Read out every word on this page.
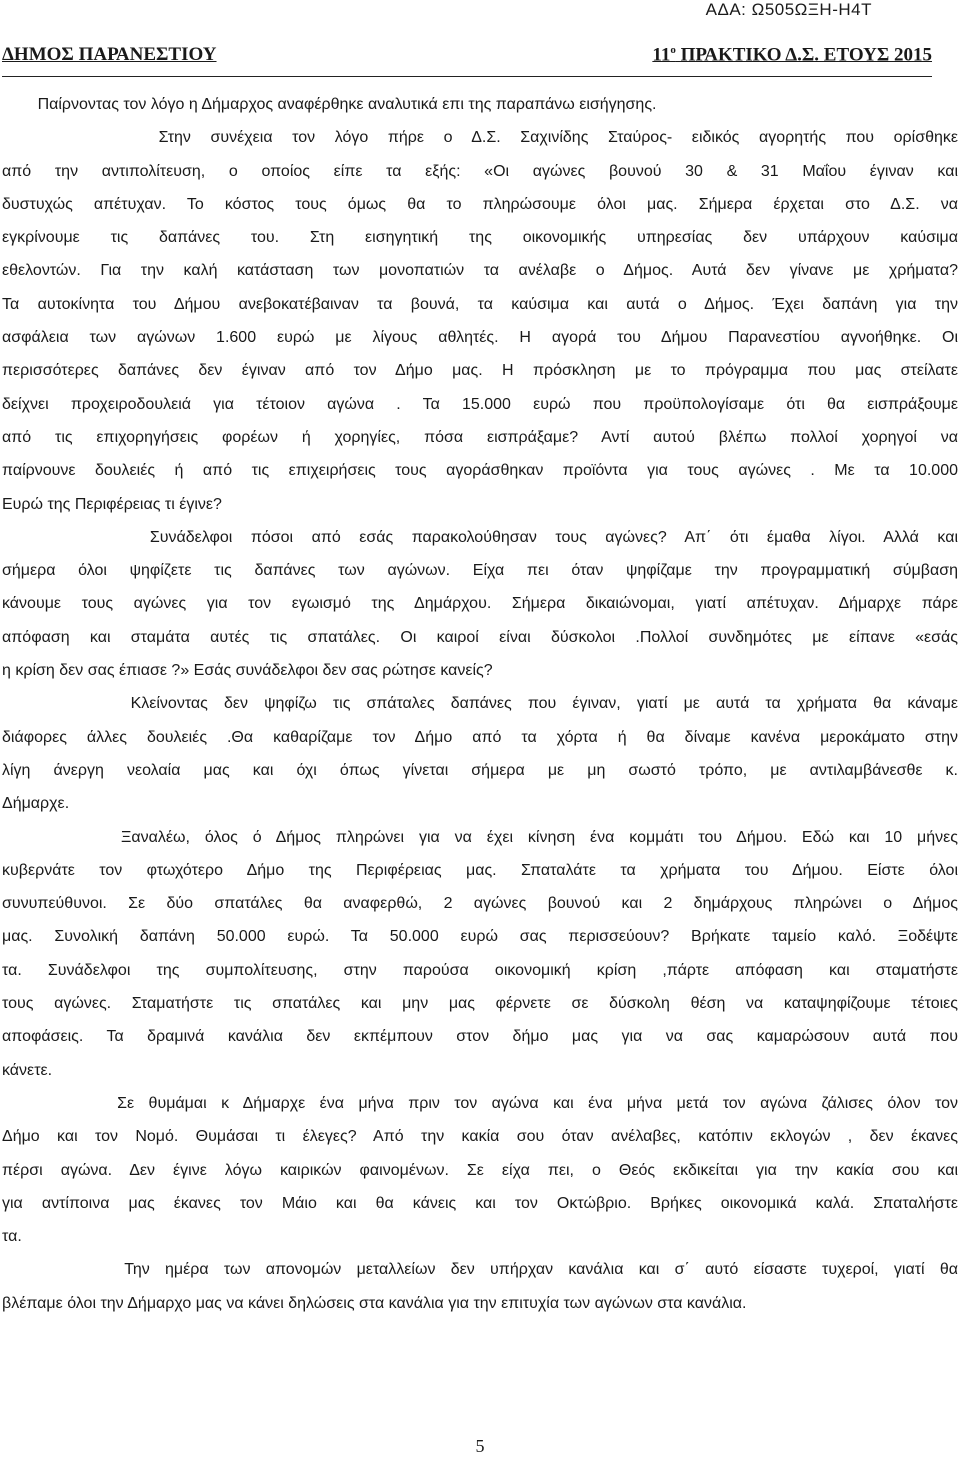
ΑΔΑ: Ω505ΩΞΗ-Η4Τ
ΔΗΜΟΣ ΠΑΡΑΝΕΣΤΙΟΥ	$11^o$ ΠΡΑΚΤΙΚΟ Δ.Σ. ΕΤΟΥΣ 2015
Παίρνοντας τον λόγο η Δήμαρχος αναφέρθηκε αναλυτικά επι της παραπάνω εισήγησης.
Στην συνέχεια τον λόγο πήρε ο Δ.Σ. Σαχινίδης Σταύρος- ειδικός αγορητής που ορίσθηκε
από την αντιπολίτευση, ο οποίος είπε τα εξής: «Οι αγώνες βουνού 30 & 31 Μαΐου έγιναν και
δυστυχώς απέτυχαν. Το κόστος τους όμως θα το πληρώσουμε όλοι μας. Σήμερα έρχεται στο Δ.Σ. να
εγκρίνουμε τις δαπάνες του. Στη εισηγητική της οικονομικής υπηρεσίας δεν υπάρχουν καύσιμα
εθελοντών. Για την καλή κατάσταση των μονοπατιών τα ανέλαβε ο Δήμος. Αυτά δεν γίνανε με χρήματα?
Τα αυτοκίνητα του Δήμου ανεβοκατέβαιναν τα βουνά, τα καύσιμα και αυτά ο Δήμος. Έχει δαπάνη για την
ασφάλεια των αγώνων 1.600 ευρώ με λίγους αθλητές. Η αγορά του Δήμου Παρανεστίου αγνοήθηκε. Οι
περισσότερες δαπάνες δεν έγιναν από τον Δήμο μας. Η πρόσκληση με το πρόγραμμα που μας στείλατε
δείχνει προχειροδουλειά για τέτοιον αγώνα . Τα 15.000 ευρώ που προϋπολογίσαμε ότι θα εισπράξουμε
από τις επιχορηγήσεις φορέων ή χορηγίες, πόσα εισπράξαμε? Αντί αυτού βλέπω πολλοί χορηγοί να
παίρνουνε δουλειές ή από τις επιχειρήσεις τους αγοράσθηκαν προϊόντα για τους αγώνες . Με τα 10.000
Ευρώ της Περιφέρειας τι έγινε?
Συνάδελφοι πόσοι από εσάς παρακολούθησαν τους αγώνες? Απ΄ ότι έμαθα λίγοι. Αλλά και
σήμερα όλοι ψηφίζετε τις δαπάνες των αγώνων. Είχα πει όταν ψηφίζαμε την προγραμματική σύμβαση
κάνουμε τους αγώνες για τον εγωισμό της Δημάρχου. Σήμερα δικαιώνομαι, γιατί απέτυχαν. Δήμαρχε πάρε
απόφαση και σταμάτα αυτές τις σπατάλες. Οι καιροί είναι δύσκολοι .Πολλοί συνδημότες με είπανε «εσάς
η κρίση δεν σας έπιασε ?» Εσάς συνάδελφοι δεν σας ρώτησε κανείς?
Κλείνοντας δεν ψηφίζω τις σπάταλες δαπάνες που έγιναν, γιατί με αυτά τα χρήματα θα κάναμε
διάφορες άλλες δουλειές .Θα καθαρίζαμε τον Δήμο από τα χόρτα ή θα δίναμε κανένα μεροκάματο στην
λίγη άνεργη νεολαία μας και όχι όπως γίνεται σήμερα με μη σωστό τρόπο, με αντιλαμβάνεσθε κ.
Δήμαρχε.
Ξαναλέω, όλος ό Δήμος πληρώνει για να έχει κίνηση ένα κομμάτι του Δήμου. Εδώ και 10 μήνες
κυβερνάτε τον φτωχότερο Δήμο της Περιφέρειας μας. Σπαταλάτε τα χρήματα του Δήμου. Είστε όλοι
συνυπεύθυνοι. Σε δύο σπατάλες θα αναφερθώ, 2 αγώνες βουνού και 2 δημάρχους πληρώνει ο Δήμος
μας. Συνολική δαπάνη 50.000 ευρώ. Τα 50.000 ευρώ σας περισσεύουν? Βρήκατε ταμείο καλό. Ξοδέψτε
τα. Συνάδελφοι της συμπολίτευσης, στην παρούσα οικονομική κρίση ,πάρτε απόφαση και σταματήστε
τους αγώνες. Σταματήστε τις σπατάλες και μην μας φέρνετε σε δύσκολη θέση να καταψηφίζουμε τέτοιες
αποφάσεις. Τα δραμινά κανάλια δεν εκπέμπουν στον δήμο μας για να σας καμαρώσουν αυτά που
κάνετε.
Σε θυμάμαι κ Δήμαρχε ένα μήνα πριν τον αγώνα και ένα μήνα μετά τον αγώνα ζάλισες όλον τον
Δήμο και τον Νομό. Θυμάσαι τι έλεγες? Από την κακία σου όταν ανέλαβες, κατόπιν εκλογών , δεν έκανες
πέρσι αγώνα. Δεν έγινε λόγω καιρικών φαινομένων. Σε είχα πει, ο Θεός εκδικείται για την κακία σου και
για αντίποινα μας έκανες τον Μάιο και θα κάνεις και τον Οκτώβριο. Βρήκες οικονομικά καλά. Σπαταλήστε
τα.
Την ημέρα των απονομών μεταλλείων δεν υπήρχαν κανάλια και σ΄ αυτό είσαστε τυχεροί, γιατί θα
βλέπαμε όλοι την Δήμαρχο μας να κάνει δηλώσεις στα κανάλια για την επιτυχία των αγώνων στα κανάλια.
5
